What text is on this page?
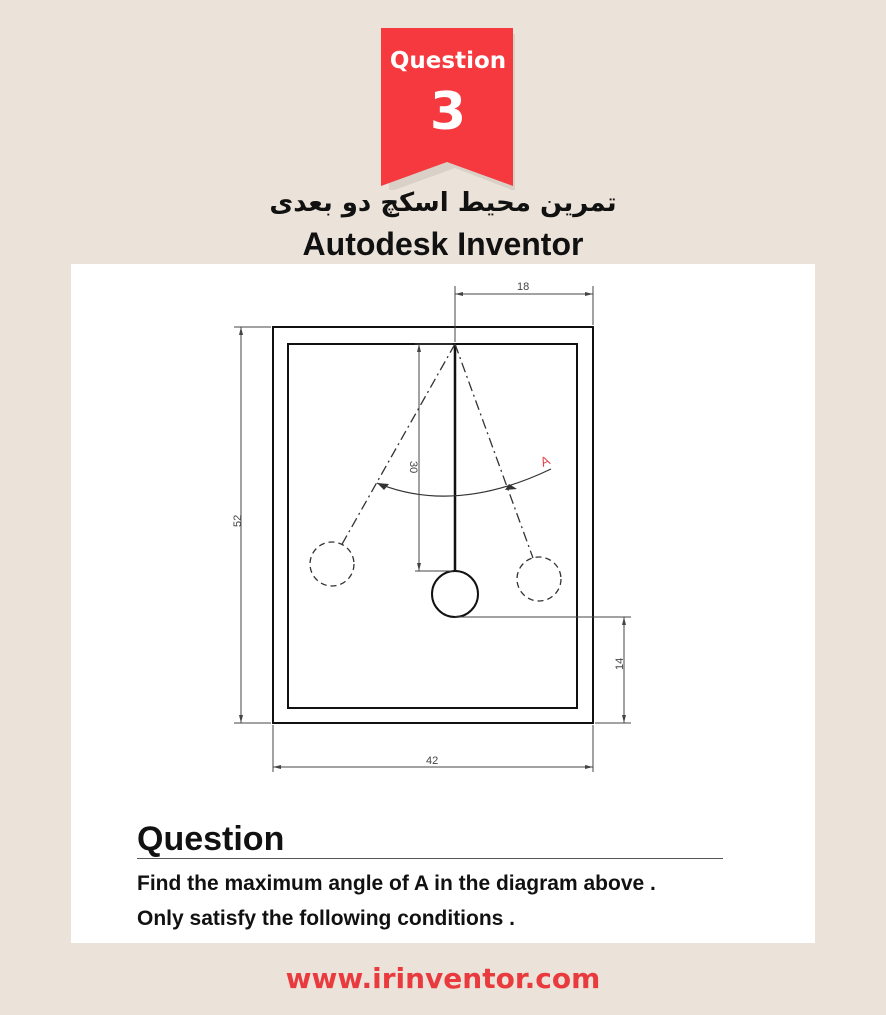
Question
3
تمرین محیط اسکچ دو بعدی
Autodesk Inventor
A
18
52
30
14
42
Question
Find the maximum angle of A in the diagram above .
Only satisfy the following conditions .
www.irinventor.com
